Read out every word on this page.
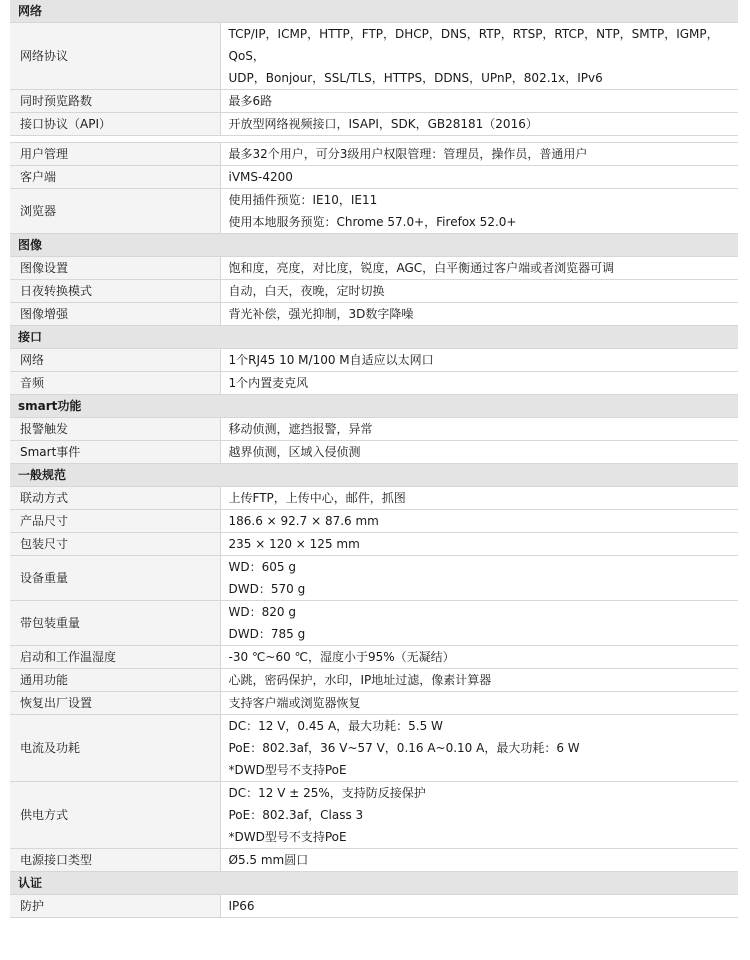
网络	
网络协议	TCP/IP，ICMP，HTTP，FTP，DHCP，DNS，RTP，RTSP，RTCP，NTP，SMTP，IGMP，QoS，
UDP，Bonjour，SSL/TLS，HTTPS，DDNS，UPnP，802.1x，IPv6

同时预览路数	最多6路

接口协议（API）	开放型网络视频接口，ISAPI，SDK，GB28181（2016）

用户管理	最多32个用户，可分3级用户权限管理：管理员，操作员，普通用户

客户端	iVMS-4200

浏览器	使用插件预览：IE10，IE11
使用本地服务预览：Chrome 57.0+，Firefox 52.0+

图像	
图像设置	饱和度，亮度，对比度，锐度，AGC，白平衡通过客户端或者浏览器可调

日夜转换模式	自动，白天，夜晚，定时切换

图像增强	背光补偿，强光抑制，3D数字降噪

接口	
网络	1个RJ45 10 M/100 M自适应以太网口

音频	1个内置麦克风

smart功能	
报警触发	移动侦测，遮挡报警，异常

Smart事件	越界侦测，区域入侵侦测

一般规范	
联动方式	上传FTP，上传中心，邮件，抓图

产品尺寸	186.6 × 92.7 × 87.6 mm

包装尺寸	235 × 120 × 125 mm

设备重量	WD：605 g
DWD：570 g

带包装重量	WD：820 g
DWD：785 g

启动和工作温湿度	-30 ℃~60 ℃，湿度小于95%（无凝结）

通用功能	心跳，密码保护，水印，IP地址过滤，像素计算器

恢复出厂设置	支持客户端或浏览器恢复

电流及功耗	DC：12 V，0.45 A，最大功耗：5.5 W
PoE：802.3af，36 V~57 V，0.16 A~0.10 A，最大功耗：6 W
*DWD型号不支持PoE

供电方式	DC：12 V ± 25%，支持防反接保护
PoE：802.3af，Class 3
*DWD型号不支持PoE

电源接口类型	Ø5.5 mm圆口

认证	
防护	IP66
